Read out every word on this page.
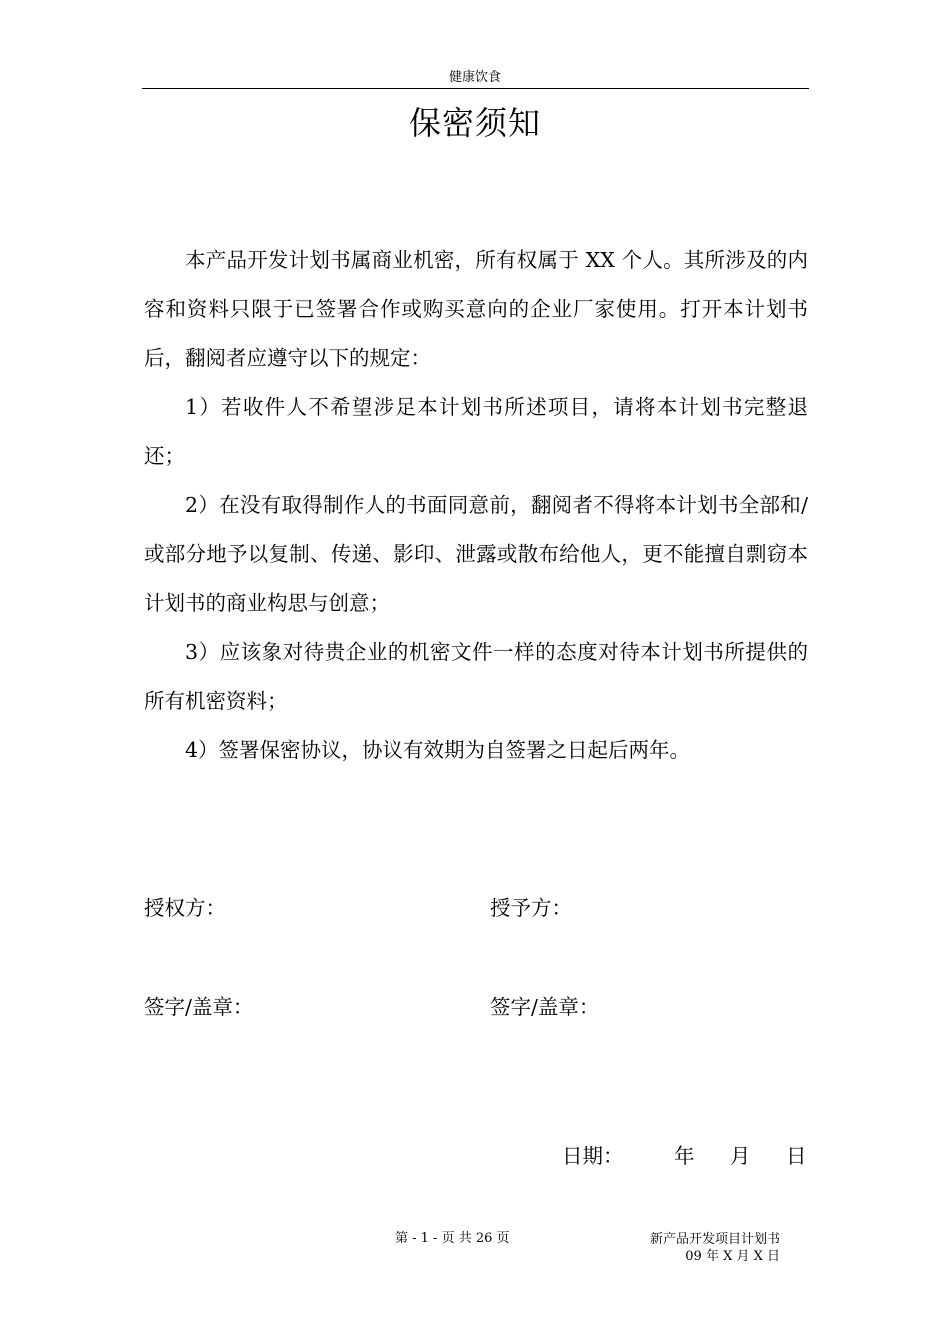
健康饮食
保密须知

本产品开发计划书属商业机密，所有权属于 XX 个人。其所涉及的内容和资料只限于已签署合作或购买意向的企业厂家使用。打开本计划书后，翻阅者应遵守以下的规定：

1）若收件人不希望涉足本计划书所述项目，请将本计划书完整退还；

2）在没有取得制作人的书面同意前，翻阅者不得将本计划书全部和/或部分地予以复制、传递、影印、泄露或散布给他人，更不能擅自剽窃本计划书的商业构思与创意；

3）应该象对待贵企业的机密文件一样的态度对待本计划书所提供的所有机密资料；

4）签署保密协议，协议有效期为自签署之日起后两年。

授权方：	授予方：
签字/盖章：	签字/盖章：
日期： 年 月 日
第 - 1 - 页 共 26 页	新产品开发项目计划书
09 年 X 月 X 日
